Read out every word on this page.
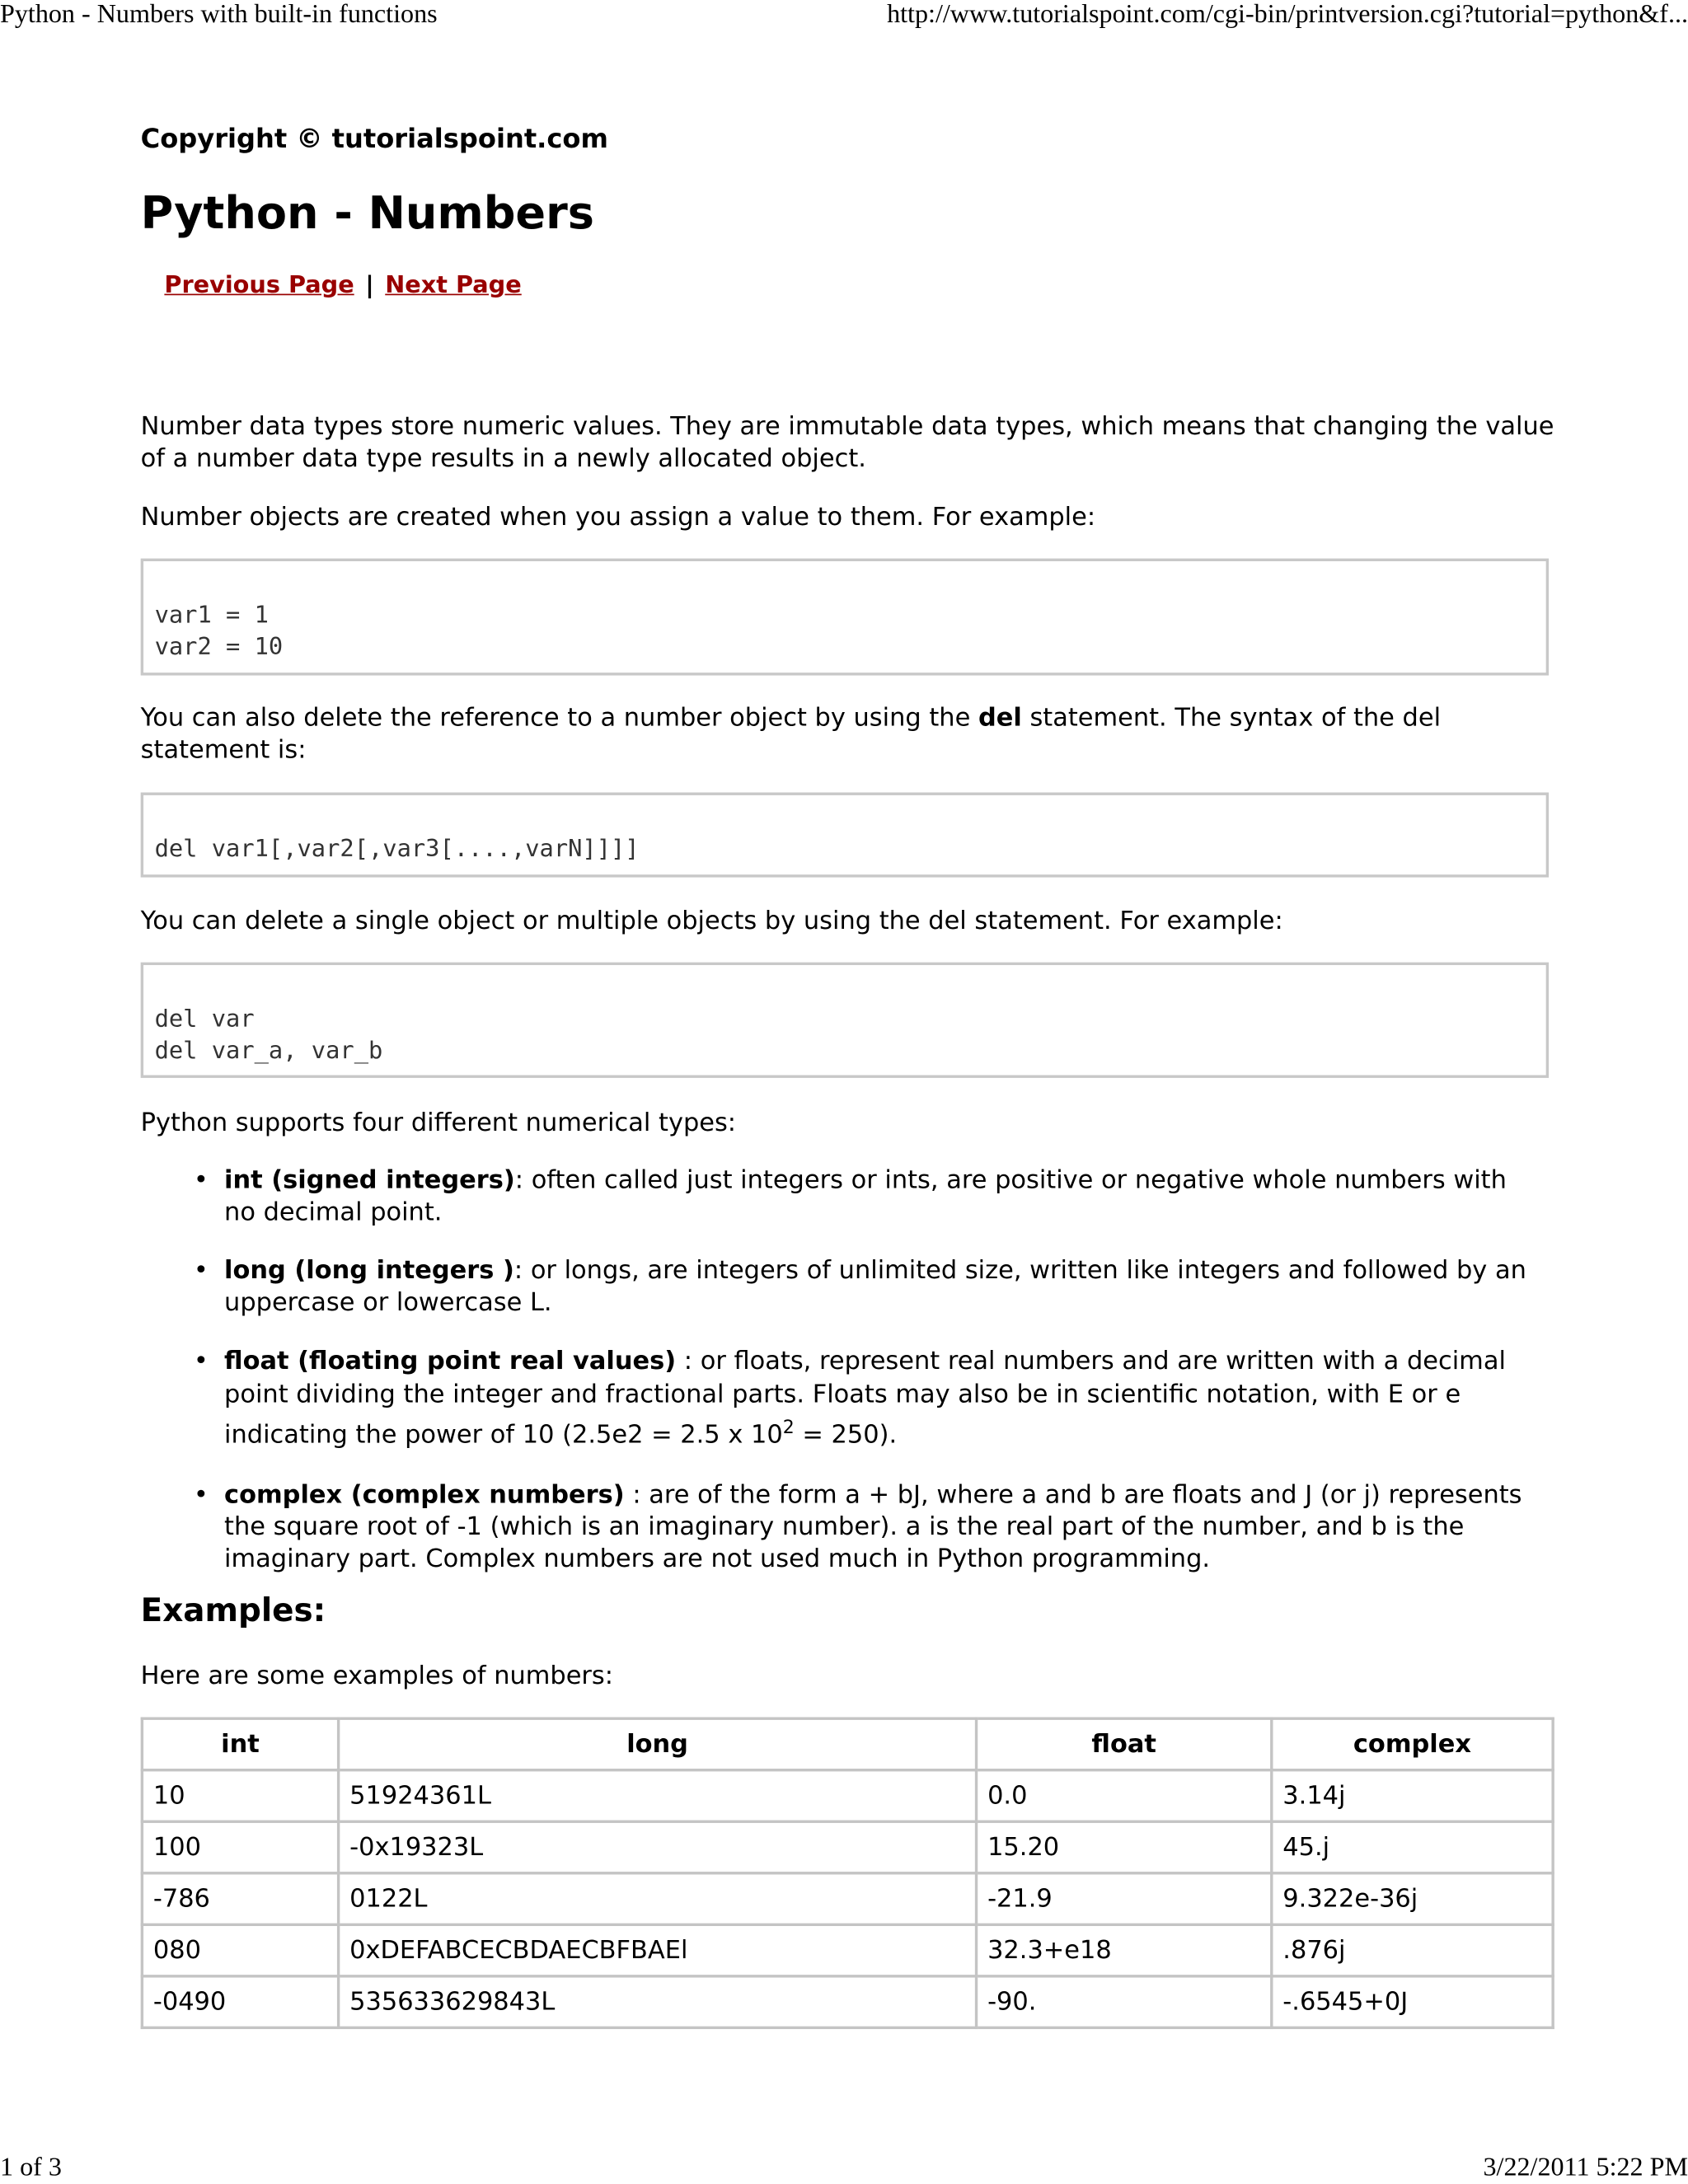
Python - Numbers with built-in functions	http://www.tutorialspoint.com/cgi-bin/printversion.cgi?tutorial=python&f...
Copyright © tutorialspoint.com
Python - Numbers
Previous Page | Next Page

Number data types store numeric values. They are immutable data types, which means that changing the value of a number data type results in a newly allocated object.

Number objects are created when you assign a value to them. For example:

var1 = 1
var2 = 10

You can also delete the reference to a number object by using the del statement. The syntax of the del statement is:

del var1[,var2[,var3[....,varN]]]]

You can delete a single object or multiple objects by using the del statement. For example:

del var
del var_a, var_b

Python supports four different numerical types:

• int (signed integers): often called just integers or ints, are positive or negative whole numbers with no decimal point.
• long (long integers ): or longs, are integers of unlimited size, written like integers and followed by an uppercase or lowercase L.
• float (floating point real values) : or floats, represent real numbers and are written with a decimal point dividing the integer and fractional parts. Floats may also be in scientific notation, with E or e indicating the power of 10 (2.5e2 = 2.5 x $10^2 = 250$).
• complex (complex numbers) : are of the form a + bJ, where a and b are floats and J (or j) represents the square root of -1 (which is an imaginary number). a is the real part of the number, and b is the imaginary part. Complex numbers are not used much in Python programming.
Examples:

Here are some examples of numbers:

int	long	float	complex
10	51924361L	0.0	3.14j
100	-0x19323L	15.20	45.j
-786	0122L	-21.9	9.322e-36j
080	0xDEFABCECBDAECBFBAEl	32.3+e18	.876j
-0490	535633629843L	-90.	-.6545+0J
1 of 3	3/22/2011 5:22 PM
